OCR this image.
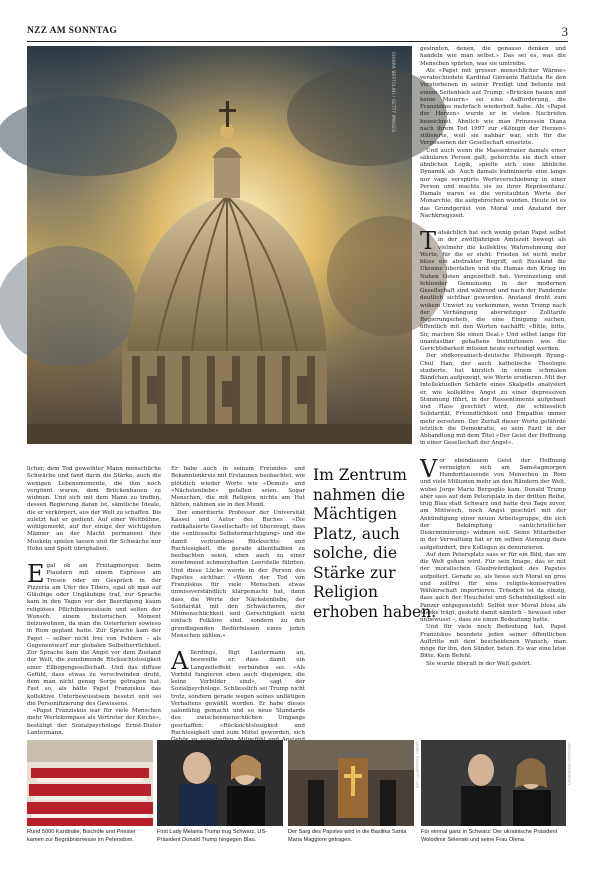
NZZ AM SONNTAG	3
CHIARA BERTOLINI / GETTY IMAGES

gesinnten, denen, die genauso denken und handeln wie man selbst.» Das sei es, was die Menschen spürten, was sie umtreibe.

Als «Papst mit grosser menschlicher Wärme» verabschiedete Kardinal Giovanni Battista Re den Verstorbenen in seiner Predigt und betonte mit einem Seitenhieb auf Trump: «Brücken bauen und keine Mauern» sei eine Aufforderung, die Franziskus mehrfach wiederholt habe. Als «Papst der Herzen» wurde er in vielen Nachrufen bezeichnet. Ähnlich wie man Prinzessin Diana nach ihrem Tod 1997 zur «Königin der Herzen» stilisierte, weil sie nahbar war, sich für die Vergessenen der Gesellschaft einsetzte.

Und auch wenn die Massentrauer damals einer säkularen Person galt, gehorchte sie doch einer ähnlichen Logik, spielte sich eine ähnliche Dynamik ab. Auch damals kulminierte eine lange nur vage verspürte Werteverschiebung in einer Person und machte sie zu ihrer Repräsentanz. Damals waren es die verstaubten Werte der Monarchie, die aufgebrochen wurden. Heute ist es das Grundgerüst von Moral und Anstand der Nachkriegszeit.

Tatsächlich hat sich wenig getan Papst selbst in der zwölfjährigen Amtszeit bewegt als vielmehr die kollektive Wahrnehmung der Werte, für die er steht: Frieden ist nicht mehr bloss ein abstrakter Begriff, seit Russland die Ukraine überfallen und die Hamas den Krieg im Nahen Osten angezettelt hat. Vereinzelung und fehlender Gemeinsinn in der modernen Gesellschaft sind während und nach der Pandemie deutlich sichtbar geworden. Anstand droht zum wokem Unwort zu verkommen, wenn Trump nach der Verhängung aberwitziger Zolltarife Regierungschefs, die eine Einigung suchen, öffentlich mit den Worten nachäfft: «Bitte, bitte, Sir, machen Sie einen Deal.» Und selbst lange für unantastbar gehaltene Institutionen wie die Gerichtsbarkeit müssen heute verteidigt werden.

Der südkoreanisch-deutsche Philosoph Byung-Chul Han, der auch katholische Theologie studierte, hat kürzlich in einem schmalen Bändchen aufgezeigt, wie Werte erodieren. Mit der Intellektuellen Schärfe eines Skalpells analysiert er, wie kollektive Angst zu einer depressiven Stimmung führt, in der Ressentiments aufgebaut und Hass geschürt wird, die schliesslich Solidarität, Freundlichkeit und Empathie immer mehr zersetzen. Der Zerfall dieser Werte gefährde letztlich die Demokratie, so sein Fazit in der Abhandlung mit dem Titel «Der Geist der Hoffnung in einer Gesellschaft der Angst».

Vor ebendiesem Geist der Hoffnung verneigten sich am Samstagmorgen Hunderttausende von Menschen in Rom und viele Millionen mehr an den Rändern der Welt, wobei Jorge Mario Bergoglio kam. Donald Trump aber sass auf dem Petersplatz in der dritten Reihe, trug Blau statt Schwarz und hatte drei Tage zuvor, am Mittwoch, noch Angst geschürt mit der Ankündigung einer neuen Arbeitsgruppe, die sich der Bekämpfung «antichristlicher Diskriminierung» widmen soll. Seine Mitarbeiter in der Verwaltung hat er im selben Atemzug dazu aufgefordert, ihre Kollegen zu denunzieren.

Auf dem Petersplatz sass er für ein Bild, das um die Welt gehen wird. Für sein Image, das er mit der moralischen Glaubwürdigkeit des Papstes aufpoliert. Gerade so, als liesse sich Moral en gros und zollfrei für eine religiös-konservative Wählerschaft importieren. Trösdich ist da einzig, dass auch der Heuchelei und Scheinheiligkeit ein Panzer entgegensteht: Selbst wer Moral bloss als Maske trägt, gesteht damit nämlich – bewusst oder unbewusst –, dass sie einen Bedeutung hatte.

Und für viele noch Bedeutung hat. Papst Franziskus beendete jeden seiner öffentlichen Auftritte mit dem bescheidenen Wunsch, man möge für ihn, den Sünder, beten. Es war eine leise Bitte. Kein Befehl.

Sie wurde überall in der Welt gehört.

licher, dem Tod geweihter Mann menschliche Schwäche und fand darin die Stärke, auch die wenigen Lebensmomente, die ihm noch vergönnt waren, dem Brückenbauen zu widmen. Und sich mit dem Mann zu treffen, dessen Regierung daran ist, sämtliche Ideale, die er verkörpert, aus der Welt zu schaffen. Bis zuletzt hat er gedient. Auf einer Weltbühne, wohlgemerkt, auf der einige der wichtigsten Männer an der Macht permanent ihre Muskeln spielen lassen und für Schwäche nur Hohn und Spott übrighaben.

Egal ob am Freitagmorgen beim Plaudern mit einem Espresso am Tresen oder im Gespräch in der Pizzeria am Ufer des Tibers, egal ob man auf Gläubige oder Ungläubige traf, zur Sprache kam in den Tagen vor der Beerdigung kaum religiöses Pflichtbewusstsein und selten der Wunsch, einem historischen Moment beizuwohnen, da man die Osterferien sowieso in Rom geplant hatte. Zur Sprache kam der Papst – selber nicht frei von Fehlern – als Gegenentwurf zur globalen Selbstherrlichkeit. Zur Sprache kam die Angst vor dem Zustand der Welt, die zunehmende Rücksichtslosigkeit einer Ellbogengesellschaft. Und das diffuse Gefühl, dass etwas zu verschwinden droht, dem man nicht genug Sorge getragen hat. Fast so, als hätte Papst Franziskus das kollektive Unterbewusstsein besetzt und sei die Personifizierung des Gewissens.

«Papst Franziskus war für viele Menschen mehr Wertekompass als Vertreter der Kirche», bestätigt der Sozialpsychologe Ernst-Dieter Lantermann.

Er habe auch in seinem Freundes- und Bekanntenkreis mit Erstaunen beobachtet, wie plötzlich wieder Worte wie «Demut» und «Nächstenliebe» gefallen seien. Sogar Menschen, die mit Religion nichts am Hut hätten, nähmen sie in den Mund.

Der emeritierte Professor der Universität Kassel und Autor des Buches «Die radikalisierte Gesellschaft» ist überzeugt, dass die «entfesselte Selbstermächtigung» und die damit verbundene Rücksichts- und Ruchlosigkeit, die gerade allenthalben zu beobachten seien, eben auch zu einer zunehmend schmerzhaften Leerstelle führten. Und diese Lücke werde in der Person des Papstes sichtbar: «Wenn der Tod von Franziskus für viele Menschen etwas unmissverständlich klargemacht hat, dann dass die Werte der Nächstenliebe, der Solidarität mit den Schwächeren, der Mitmenschlichkeit und Gerechtigkeit nicht einfach Folklore sind, sondern zu den grundlegenden Bedürfnissen eines jeden Menschen zählen.»

Allerdings, fügt Lantermann an, beeweifle er, dass damit ein Langzeiteffekt verbunden sei. «Als Vorbild fungieren eben auch diejenigen, die keine Vorbilder sind», sagt der Sozialpsychologe. Schliesslich sei Trump nicht trotz, sondern gerade wegen seines unflätigen Verhaltens gewählt worden. Er habe dieses salonfähig gemacht und so neue Standards des zwischenmenschlichen Umgangs geschaffen: «Rücksichtslosigkeit und Ruchlosigkeit sind zum Mittel geworden, sich

Im Zentrum nahmen die Mächtigen Platz, auch solche, die Stärke zur Religion erhoben haben.
MARIO TOMASSETTI / AFP	UKRAINIAN PRESIDENCY
Rund 5000 Kardinäle, Bischöfe und Priester kamen zur Begräbnismesse im Petersdom.
First Lady Melania Trump trug Schwarz, US-Präsident Donald Trump hingegen Blau.
Der Sarg des Papstes wird in die Basilika Santa Maria Maggiore getragen.
Für einmal ganz in Schwarz: Der ukrainische Präsident Wolodimir Selenski und seine Frau Olena.
